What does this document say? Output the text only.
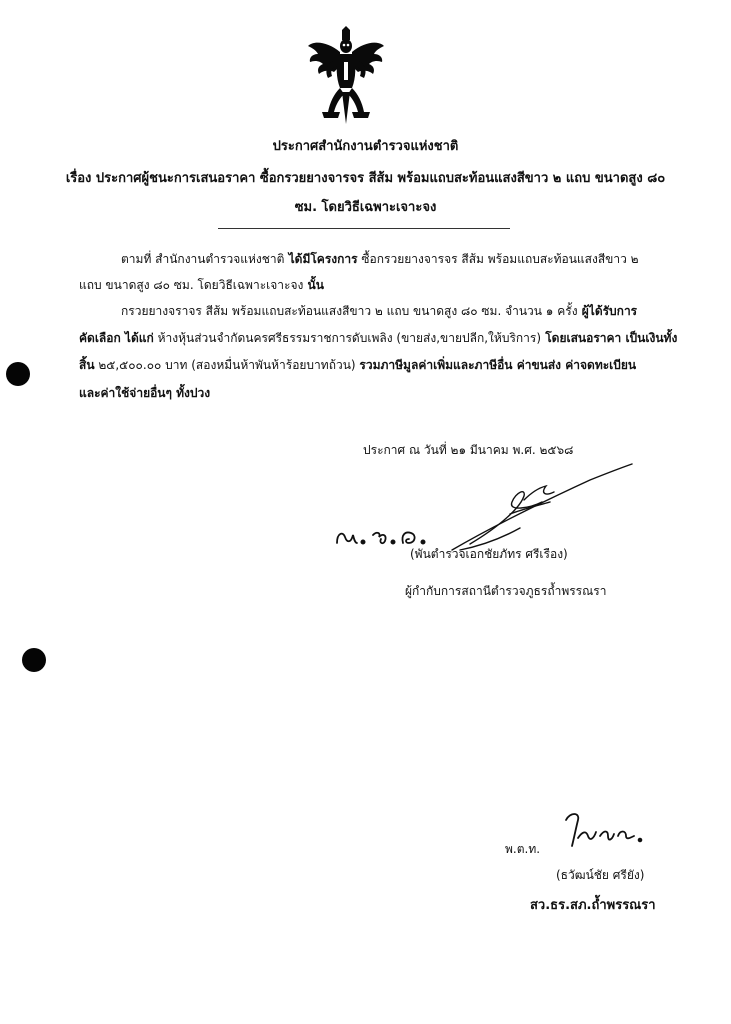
ประกาศสำนักงานตำรวจแห่งชาติ
เรื่อง ประกาศผู้ชนะการเสนอราคา ซื้อกรวยยางจารจร สีส้ม พร้อมแถบสะท้อนแสงสีขาว ๒ แถบ ขนาดสูง ๘๐
ซม. โดยวิธีเฉพาะเจาะจง
ตามที่ สำนักงานตำรวจแห่งชาติ ได้มีโครงการ ซื้อกรวยยางจารจร สีส้ม พร้อมแถบสะท้อนแสงสีขาว ๒
แถบ ขนาดสูง ๘๐ ซม. โดยวิธีเฉพาะเจาะจง นั้น
กรวยยางจราจร สีส้ม พร้อมแถบสะท้อนแสงสีขาว ๒ แถบ ขนาดสูง ๘๐ ซม. จำนวน ๑ ครั้ง ผู้ได้รับการ
คัดเลือก ได้แก่ ห้างหุ้นส่วนจำกัดนครศรีธรรมราชการดับเพลิง (ขายส่ง,ขายปลีก,ให้บริการ) โดยเสนอราคา เป็นเงินทั้ง
สิ้น ๒๕,๕๐๐.๐๐ บาท (สองหมื่นห้าพันห้าร้อยบาทถ้วน) รวมภาษีมูลค่าเพิ่มและภาษีอื่น ค่าขนส่ง ค่าจดทะเบียน
และค่าใช้จ่ายอื่นๆ ทั้งปวง
ประกาศ ณ วันที่ ๒๑ มีนาคม พ.ศ. ๒๕๖๘
(พันตำรวจเอกชัยภัทร ศรีเรือง)
ผู้กำกับการสถานีตำรวจภูธรถ้ำพรรณรา
พ.ต.ท.
(ธวัฒน์ชัย ศรียัง)
สว.ธร.สภ.ถ้ำพรรณรา
